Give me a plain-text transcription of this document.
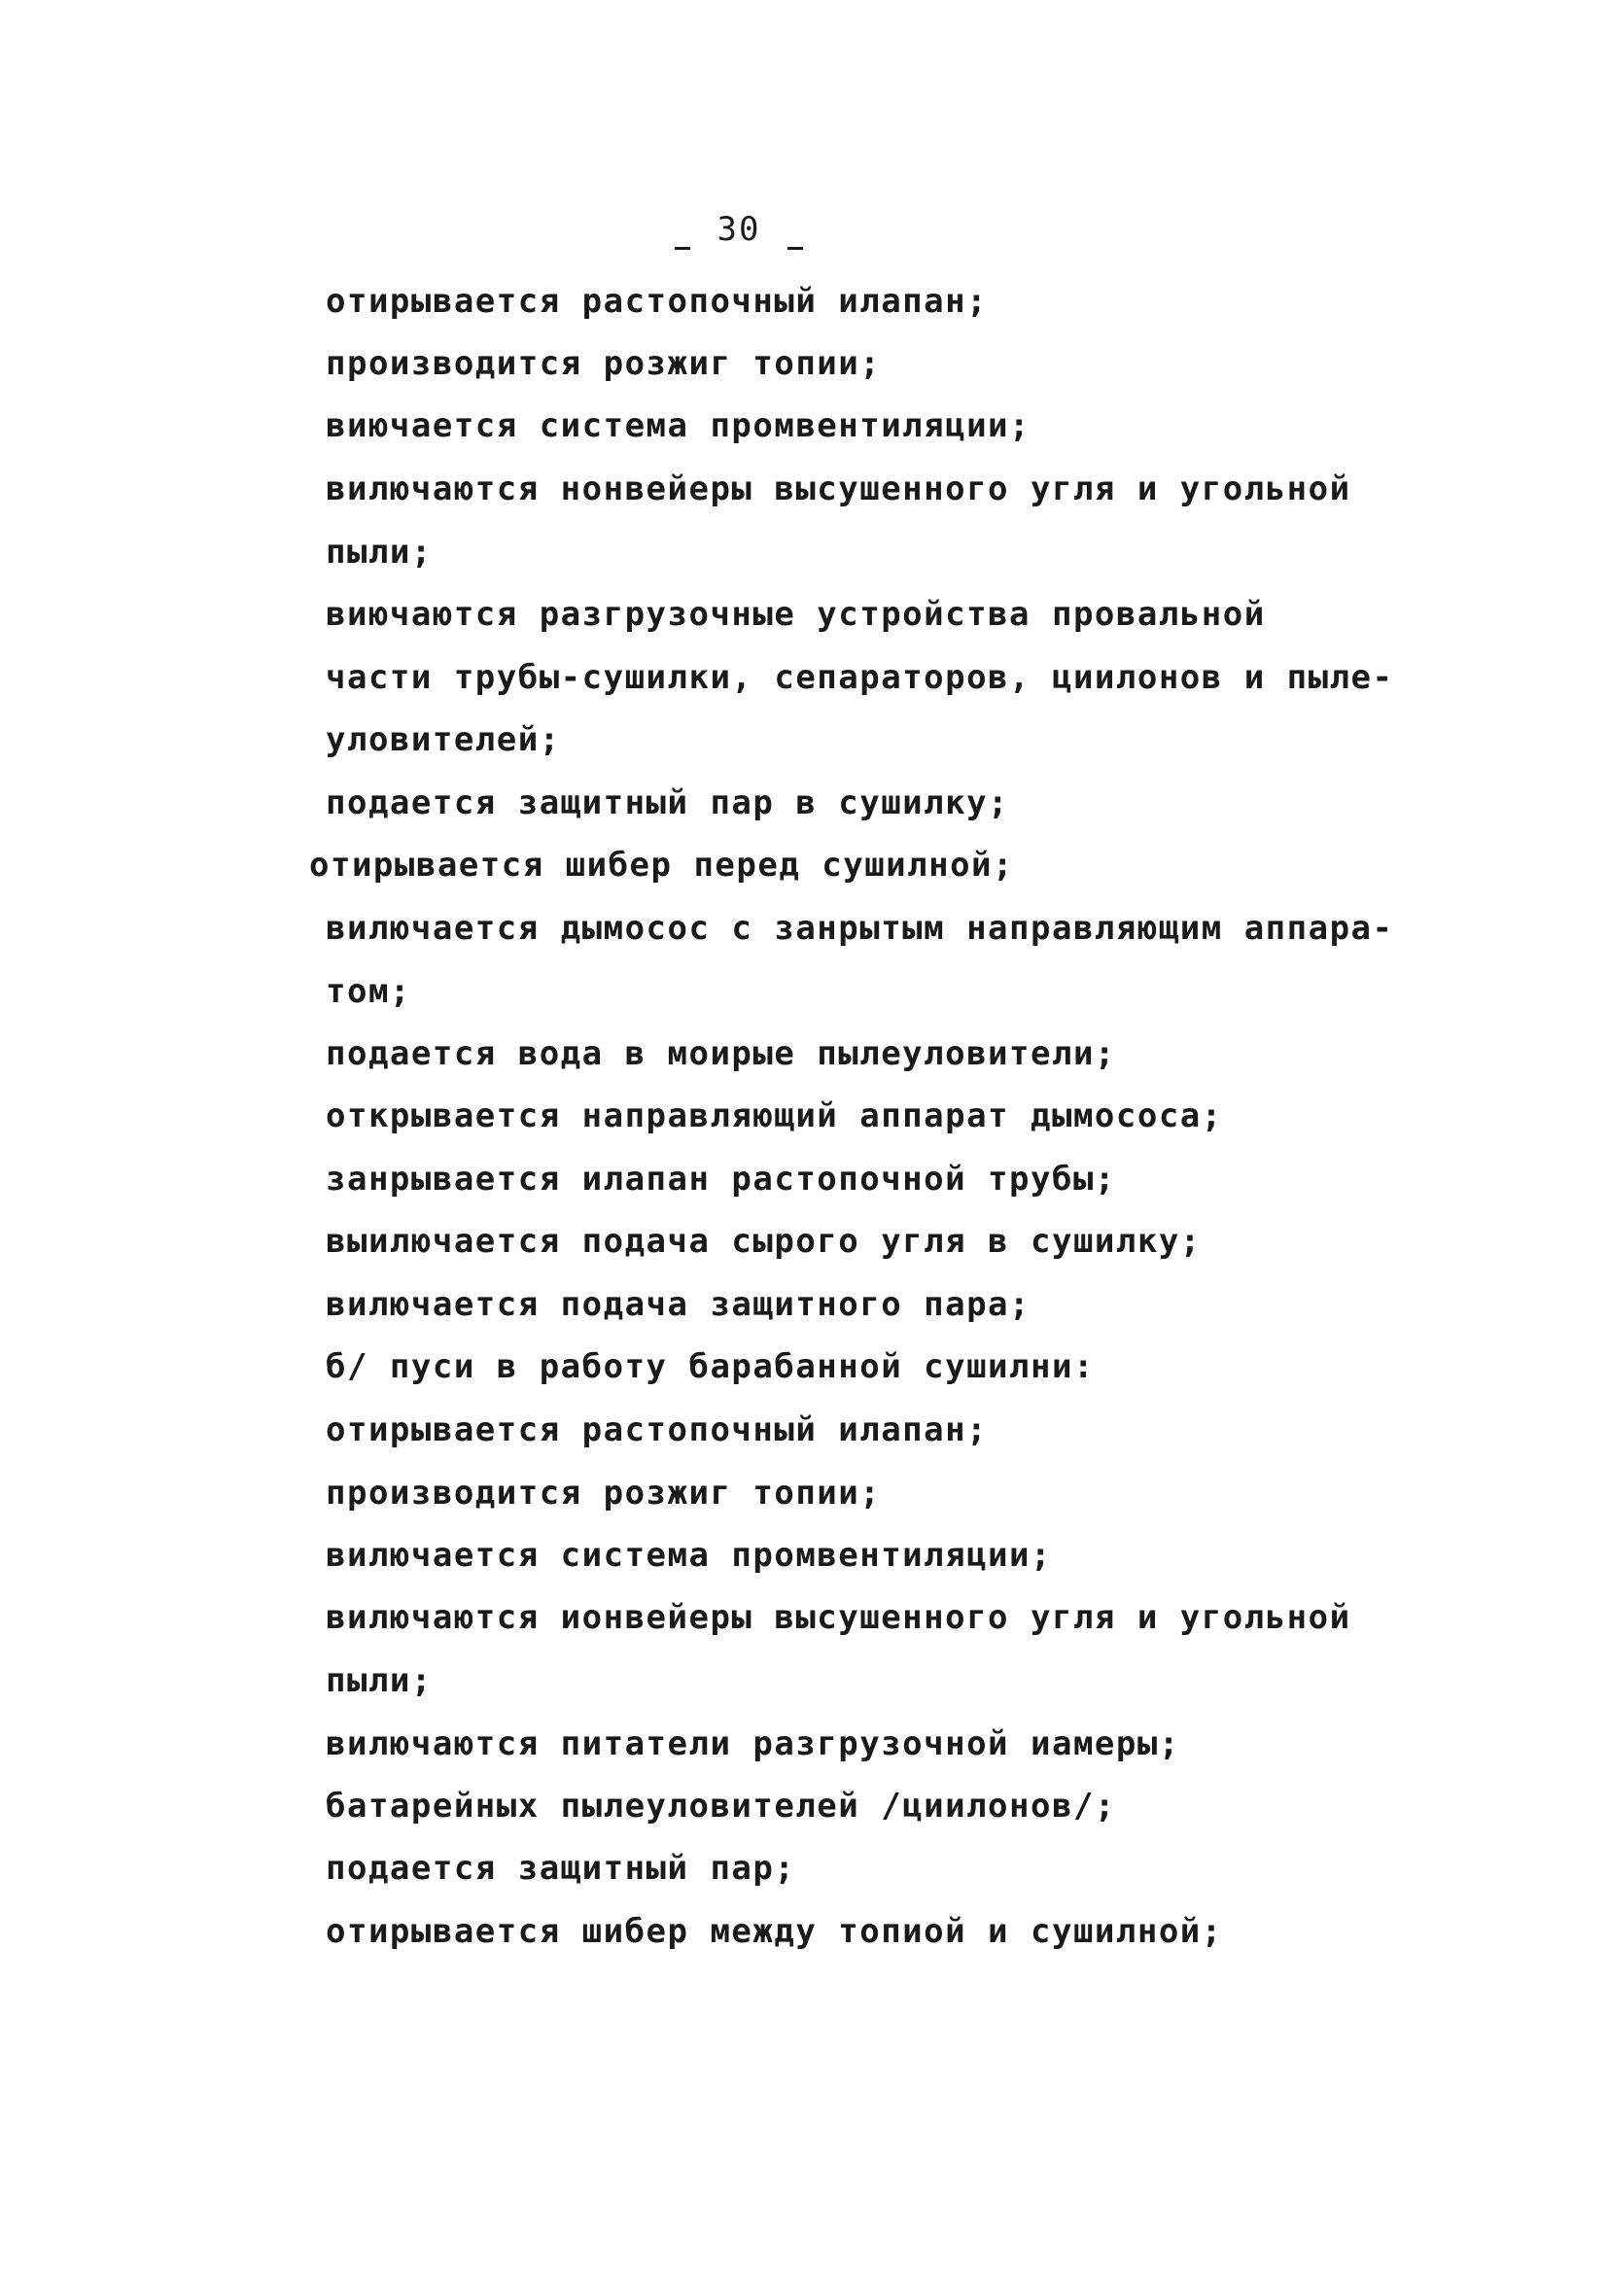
30
отирывается растопочный илапан;
производится розжиг топии;
виючается система промвентиляции;
вилючаются нонвейеры высушенного угля и угольной
пыли;
виючаются разгрузочные устройства провальной
части трубы-сушилки, сепараторов, циилонов и пыле-
уловителей;
подается защитный пар в сушилку;
отирывается шибер перед сушилной;
вилючается дымосос с занрытым направляющим аппара-
том;
подается вода в моирые пылеуловители;
открывается направляющий аппарат дымососа;
занрывается илапан растопочной трубы;
выилючается подача сырого угля в сушилку;
вилючается подача защитного пара;
б/ пуси в работу барабанной сушилни:
отирывается растопочный илапан;
производится розжиг топии;
вилючается система промвентиляции;
вилючаются ионвейеры высушенного угля и угольной
пыли;
вилючаются питатели разгрузочной иамеры;
батарейных пылеуловителей /циилонов/;
подается защитный пар;
отирывается шибер между топиой и сушилной;
